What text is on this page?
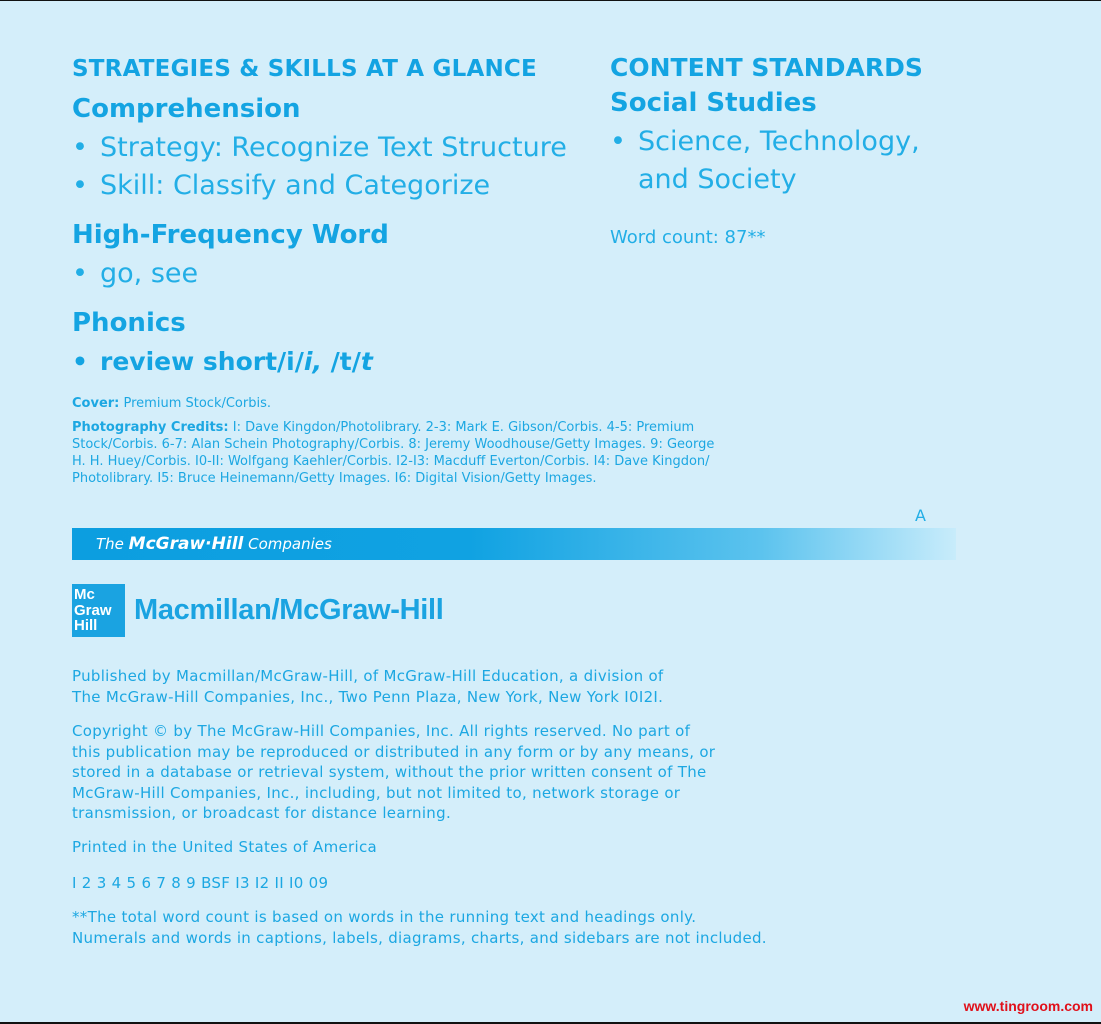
STRATEGIES & SKILLS AT A GLANCE
Comprehension
• Strategy: Recognize Text Structure
• Skill: Classify and Categorize
High-Frequency Word
• go, see
Phonics
• review short/i/i, /t/t
CONTENT STANDARDS
Social Studies
• Science, Technology,
and Society
Word count: 87**
Cover: Premium Stock/Corbis.
Photography Credits: I: Dave Kingdon/Photolibrary. 2-3: Mark E. Gibson/Corbis. 4-5: Premium
Stock/Corbis. 6-7: Alan Schein Photography/Corbis. 8: Jeremy Woodhouse/Getty Images. 9: George
H. H. Huey/Corbis. I0-II: Wolfgang Kaehler/Corbis. I2-I3: Macduff Everton/Corbis. I4: Dave Kingdon/
Photolibrary. I5: Bruce Heinemann/Getty Images. I6: Digital Vision/Getty Images.
A
The McGraw·Hill Companies
Mc
Graw
Hill	Macmillan/McGraw-Hill
Published by Macmillan/McGraw-Hill, of McGraw-Hill Education, a division of
The McGraw-Hill Companies, Inc., Two Penn Plaza, New York, New York I0I2I.
Copyright © by The McGraw-Hill Companies, Inc. All rights reserved. No part of
this publication may be reproduced or distributed in any form or by any means, or
stored in a database or retrieval system, without the prior written consent of The
McGraw-Hill Companies, Inc., including, but not limited to, network storage or
transmission, or broadcast for distance learning.
Printed in the United States of America
I 2 3 4 5 6 7 8 9 BSF I3 I2 II I0 09
**The total word count is based on words in the running text and headings only.
Numerals and words in captions, labels, diagrams, charts, and sidebars are not included.
www.tingroom.com
